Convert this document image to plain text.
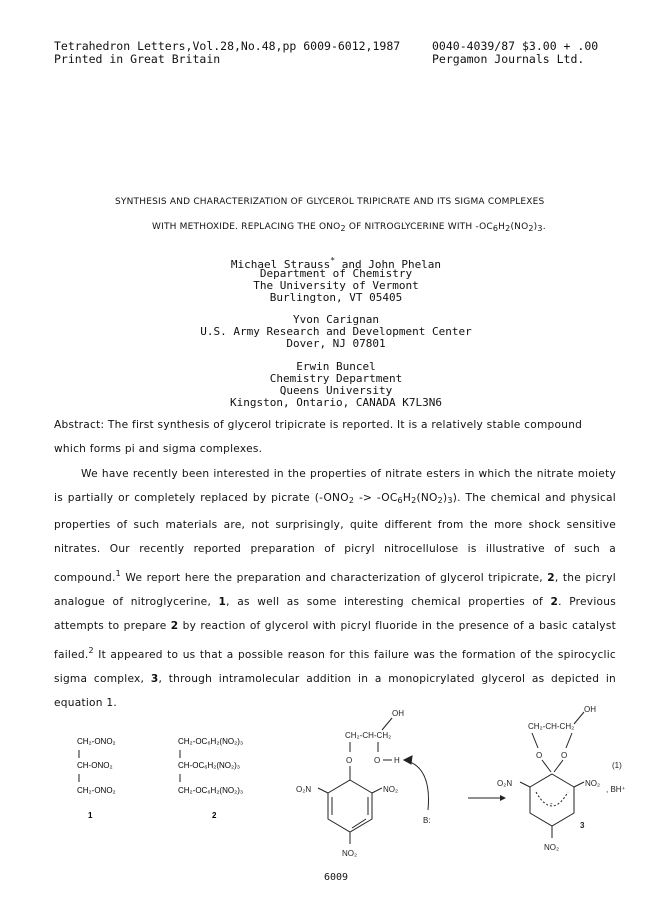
Tetrahedron Letters,Vol.28,No.48,pp 6009-6012,1987
Printed in Great Britain
0040-4039/87 $3.00 + .00
Pergamon Journals Ltd.
SYNTHESIS AND CHARACTERIZATION OF GLYCEROL TRIPICRATE AND ITS SIGMA COMPLEXES
WITH METHOXIDE. REPLACING THE ONO2 OF NITROGLYCERINE WITH -OC6H2(NO2)3.
Michael Strauss* and John Phelan
Department of Chemistry
The University of Vermont
Burlington, VT 05405
Yvon Carignan
U.S. Army Research and Development Center
Dover, NJ 07801
Erwin Buncel
Chemistry Department
Queens University
Kingston, Ontario, CANADA K7L3N6

Abstract: The first synthesis of glycerol tripicrate is reported. It is a relatively stable compound which forms pi and sigma complexes.

We have recently been interested in the properties of nitrate esters in which the nitrate moiety is partially or completely replaced by picrate $(-ONO_2 -> -OC_6H_2(NO_2)_3)$. The chemical and physical properties of such materials are, not surprisingly, quite different from the more shock sensitive nitrates. Our recently reported preparation of picryl nitrocellulose is illustrative of such a compound.$^1$ We report here the preparation and characterization of glycerol tripicrate, 2, the picryl analogue of nitroglycerine, 1, as well as some interesting chemical properties of 2. Previous attempts to prepare 2 by reaction of glycerol with picryl fluoride in the presence of a basic catalyst failed.$^2$ It appeared to us that a possible reason for this failure was the formation of the spirocyclic sigma complex, 3, through intramolecular addition in a monopicrylated glycerol as depicted in equation 1.

CH₂-ONO₂
CH-ONO₂
CH₂-ONO₂
1
CH₂-OC₆H₂(NO₂)₃
CH-OC₆H₂(NO₂)₃
CH₂-OC₆H₂(NO₂)₃
2
OH
CH₂-CH-CH₂
O	O H
O₂N	NO₂
NO₂
B:
OH
CH₂-CH-CH₂
O O
-
O₂N	NO₂
NO₂
3
(1)
, BH⁺
6009
